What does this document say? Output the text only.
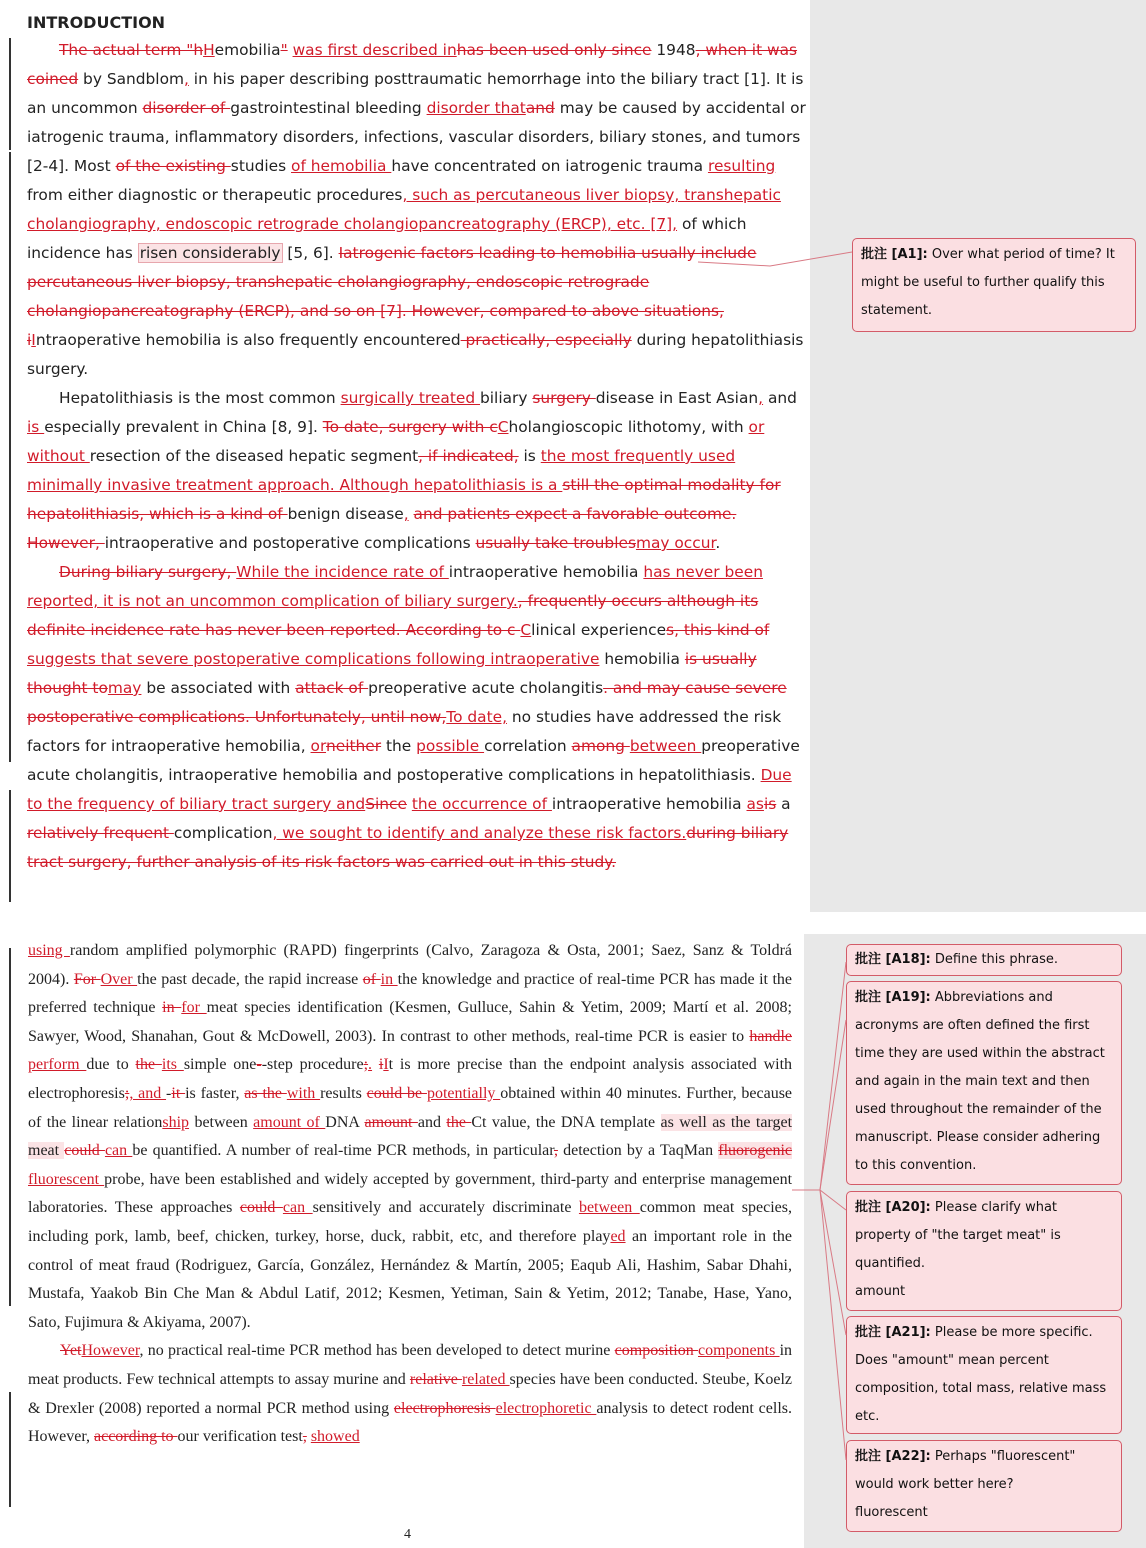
INTRODUCTION

The actual term "hHemobilia" was first described inhas been used only since 1948, when it was coined by Sandblom, in his paper describing posttraumatic hemorrhage into the biliary tract [1]. It is an uncommon disorder of gastrointestinal bleeding disorder thatand may be caused by accidental or iatrogenic trauma, inflammatory disorders, infections, vascular disorders, biliary stones, and tumors [2-4]. Most of the existing studies of hemobilia have concentrated on iatrogenic trauma resulting from either diagnostic or therapeutic procedures, such as percutaneous liver biopsy, transhepatic cholangiography, endoscopic retrograde cholangiopancreatography (ERCP), etc. [7], of which incidence has risen considerably [5, 6]. Iatrogenic factors leading to hemobilia usually include percutaneous liver biopsy, transhepatic cholangiography, endoscopic retrograde cholangiopancreatography (ERCP), and so on [7]. However, compared to above situations, iIntraoperative hemobilia is also frequently encountered practically, especially during hepatolithiasis surgery.

Hepatolithiasis is the most common surgically treated biliary surgery disease in East Asian, and is especially prevalent in China [8, 9]. To date, surgery with cCholangioscopic lithotomy, with or without resection of the diseased hepatic segment, if indicated, is the most frequently used minimally invasive treatment approach. Although hepatolithiasis is a still the optimal modality for hepatolithiasis, which is a kind of benign disease, and patients expect a favorable outcome. However, intraoperative and postoperative complications usually take troublesmay occur.

During biliary surgery, While the incidence rate of intraoperative hemobilia has never been reported, it is not an uncommon complication of biliary surgery., frequently occurs although its definite incidence rate has never been reported. According to c Clinical experiences, this kind of suggests that severe postoperative complications following intraoperative hemobilia is usually thought tomay be associated with attack of preoperative acute cholangitis. and may cause severe postoperative complications. Unfortunately, until now,To date, no studies have addressed the risk factors for intraoperative hemobilia, orneither the possible correlation among between preoperative acute cholangitis, intraoperative hemobilia and postoperative complications in hepatolithiasis. Due to the frequency of biliary tract surgery andSince the occurrence of intraoperative hemobilia asis a relatively frequent complication, we sought to identify and analyze these risk factors.during biliary tract surgery, further analysis of its risk factors was carried out in this study.

批注 [A1]: Over what period of time? It might be useful to further qualify this statement.

using random amplified polymorphic (RAPD) fingerprints (Calvo, Zaragoza & Osta, 2001; Saez, Sanz & Toldrá 2004). For Over the past decade, the rapid increase of in the knowledge and practice of real-time PCR has made it the preferred technique in for meat species identification (Kesmen, Gulluce, Sahin & Yetim, 2009; Martí et al. 2008; Sawyer, Wood, Shanahan, Gout & McDowell, 2003). In contrast to other methods, real-time PCR is easier to handle perform due to the its simple one--step procedure;. iIt is more precise than the endpoint analysis associated with electrophoresis;, and -it is faster, as the with results could be potentially obtained within 40 minutes. Further, because of the linear relationship between amount of DNA amount and the Ct value, the DNA template as well as the target meat could can be quantified. A number of real-time PCR methods, in particular, detection by a TaqMan fluorogenic fluorescent probe, have been established and widely accepted by government, third-party and enterprise management laboratories. These approaches could can sensitively and accurately discriminate between common meat species, including pork, lamb, beef, chicken, turkey, horse, duck, rabbit, etc, and therefore played an important role in the control of meat fraud (Rodriguez, García, González, Hernández & Martín, 2005; Eaqub Ali, Hashim, Sabar Dhahi, Mustafa, Yaakob Bin Che Man & Abdul Latif, 2012; Kesmen, Yetiman, Sain & Yetim, 2012; Tanabe, Hase, Yano, Sato, Fujimura & Akiyama, 2007).

YetHowever, no practical real-time PCR method has been developed to detect murine composition components in meat products. Few technical attempts to assay murine and relative related species have been conducted. Steube, Koelz & Drexler (2008) reported a normal PCR method using electrophoresis electrophoretic analysis to detect rodent cells. However, according to our verification test, showed

批注 [A18]: Define this phrase.
批注 [A19]: Abbreviations and acronyms are often defined the first time they are used within the abstract and again in the main text and then used throughout the remainder of the manuscript. Please consider adhering to this convention.
批注 [A20]: Please clarify what property of "the target meat" is quantified.
amount
批注 [A21]: Please be more specific. Does "amount" mean percent composition, total mass, relative mass etc.
批注 [A22]: Perhaps "fluorescent" would work better here?
fluorescent
4
